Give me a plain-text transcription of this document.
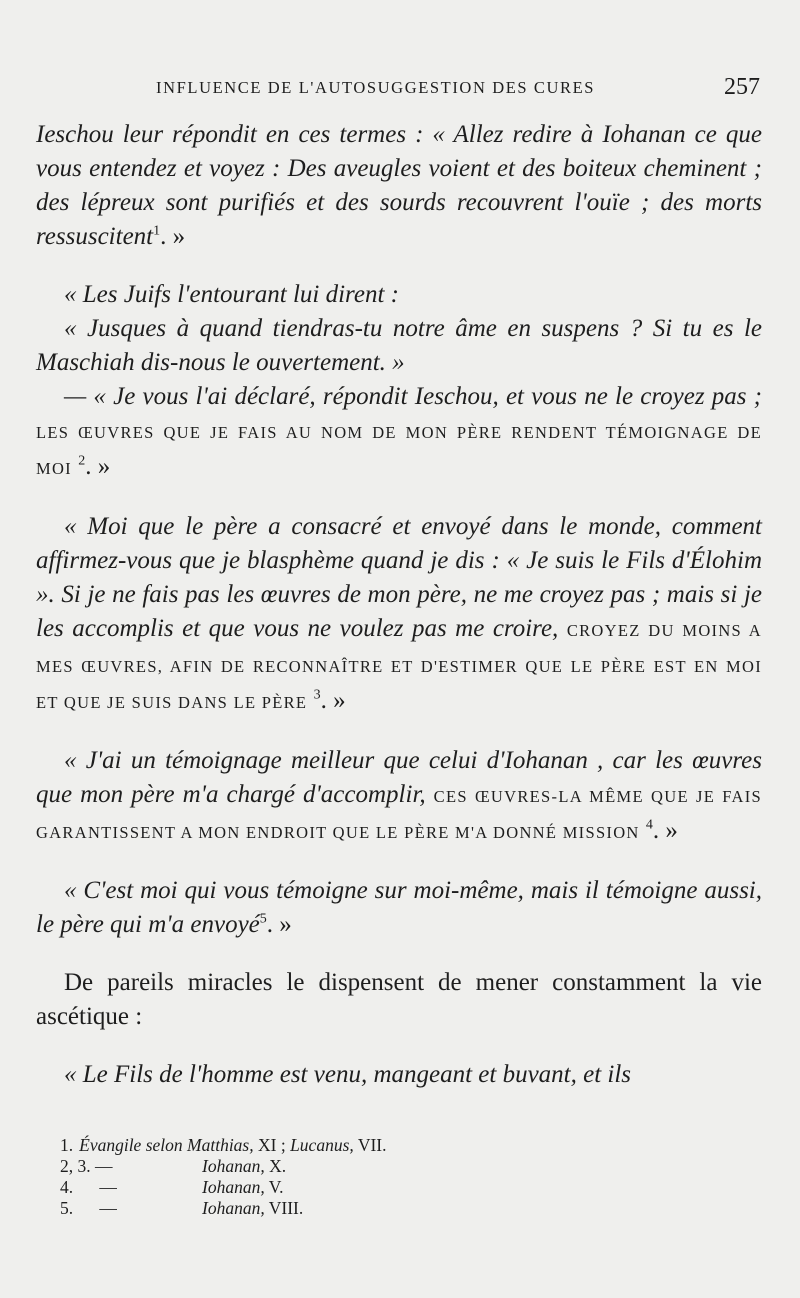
INFLUENCE DE L'AUTOSUGGESTION DES CURES	257

Ieschou leur répondit en ces termes : « Allez redire à Iohanan ce que vous entendez et voyez : Des aveugles voient et des boiteux cheminent ; des lépreux sont purifiés et des sourds recouvrent l'ouïe ; des morts ressuscitent$^1$. »

« Les Juifs l'entourant lui dirent :

« Jusques à quand tiendras-tu notre âme en suspens ? Si tu es le Maschiah dis-nous le ouvertement. »

— « Je vous l'ai déclaré, répondit Ieschou, et vous ne le croyez pas ; LES ŒUVRES QUE JE FAIS AU NOM DE MON PÈRE RENDENT TÉMOIGNAGE DE MOI $^2$. »

« Moi que le père a consacré et envoyé dans le monde, comment affirmez-vous que je blasphème quand je dis : « Je suis le Fils d'Élohim ». Si je ne fais pas les œuvres de mon père, ne me croyez pas ; mais si je les accomplis et que vous ne voulez pas me croire, CROYEZ DU MOINS A MES ŒUVRES, AFIN DE RECONNAÎTRE ET D'ESTIMER QUE LE PÈRE EST EN MOI ET QUE JE SUIS DANS LE PÈRE $^3$. »

« J'ai un témoignage meilleur que celui d'Iohanan , car les œuvres que mon père m'a chargé d'accomplir, CES ŒUVRES-LA MÊME QUE JE FAIS GARANTISSENT A MON ENDROIT QUE LE PÈRE M'A DONNÉ MISSION $^4$. »

« C'est moi qui vous témoigne sur moi-même, mais il témoigne aussi, le père qui m'a envoyé$^5$. »

De pareils miracles le dispensent de mener constamment la vie ascétique :

« Le Fils de l'homme est venu, mangeant et buvant, et ils

1. Évangile selon Matthias, XI ; Lucanus, VII.
2, 3. —	Iohanan, X.
4.      —	Iohanan, V.
5.      —	Iohanan, VIII.
